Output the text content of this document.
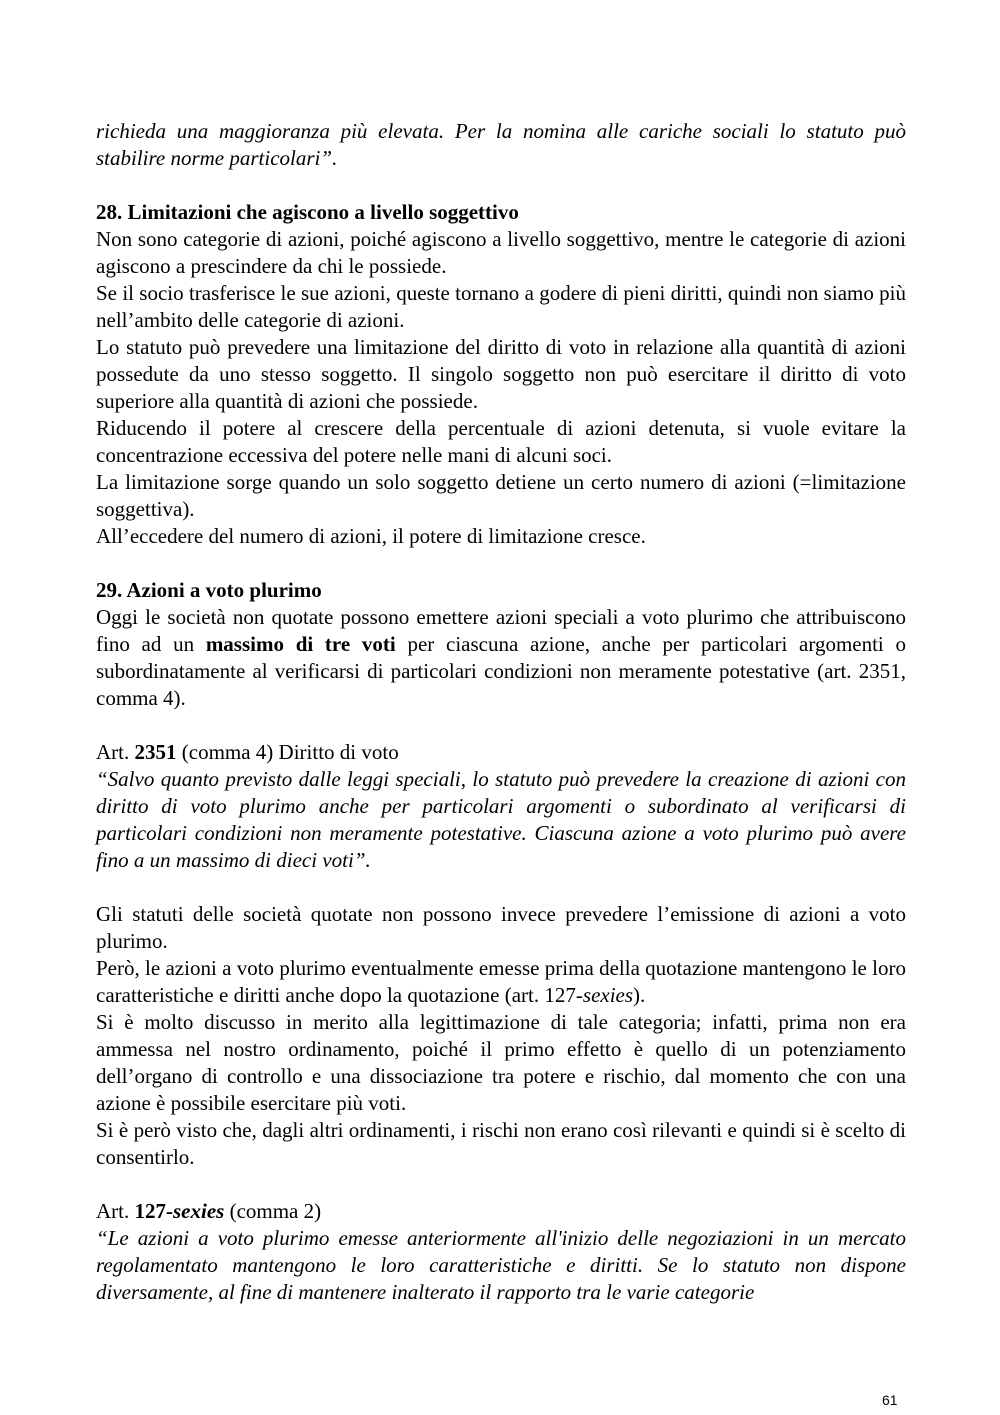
richieda una maggioranza più elevata. Per la nomina alle cariche sociali lo statuto può stabilire norme particolari”.

28. Limitazioni che agiscono a livello soggettivo

Non sono categorie di azioni, poiché agiscono a livello soggettivo, mentre le categorie di azioni agiscono a prescindere da chi le possiede.

Se il socio trasferisce le sue azioni, queste tornano a godere di pieni diritti, quindi non siamo più nell’ambito delle categorie di azioni.

Lo statuto può prevedere una limitazione del diritto di voto in relazione alla quantità di azioni possedute da uno stesso soggetto. Il singolo soggetto non può esercitare il diritto di voto superiore alla quantità di azioni che possiede.

Riducendo il potere al crescere della percentuale di azioni detenuta, si vuole evitare la concentrazione eccessiva del potere nelle mani di alcuni soci.

La limitazione sorge quando un solo soggetto detiene un certo numero di azioni (=limitazione soggettiva).

All’eccedere del numero di azioni, il potere di limitazione cresce.

29. Azioni a voto plurimo

Oggi le società non quotate possono emettere azioni speciali a voto plurimo che attribuiscono fino ad un massimo di tre voti per ciascuna azione, anche per particolari argomenti o subordinatamente al verificarsi di particolari condizioni non meramente potestative (art. 2351, comma 4).

Art. 2351 (comma 4) Diritto di voto

“Salvo quanto previsto dalle leggi speciali, lo statuto può prevedere la creazione di azioni con diritto di voto plurimo anche per particolari argomenti o subordinato al verificarsi di particolari condizioni non meramente potestative. Ciascuna azione a voto plurimo può avere fino a un massimo di dieci voti”.

Gli statuti delle società quotate non possono invece prevedere l’emissione di azioni a voto plurimo.

Però, le azioni a voto plurimo eventualmente emesse prima della quotazione mantengono le loro caratteristiche e diritti anche dopo la quotazione (art. 127-sexies).

Si è molto discusso in merito alla legittimazione di tale categoria; infatti, prima non era ammessa nel nostro ordinamento, poiché il primo effetto è quello di un potenziamento dell’organo di controllo e una dissociazione tra potere e rischio, dal momento che con una azione è possibile esercitare più voti.

Si è però visto che, dagli altri ordinamenti, i rischi non erano così rilevanti e quindi si è scelto di consentirlo.

Art. 127-sexies (comma 2)

“Le azioni a voto plurimo emesse anteriormente all'inizio delle negoziazioni in un mercato regolamentato mantengono le loro caratteristiche e diritti. Se lo statuto non dispone diversamente, al fine di mantenere inalterato il rapporto tra le varie categorie

61
